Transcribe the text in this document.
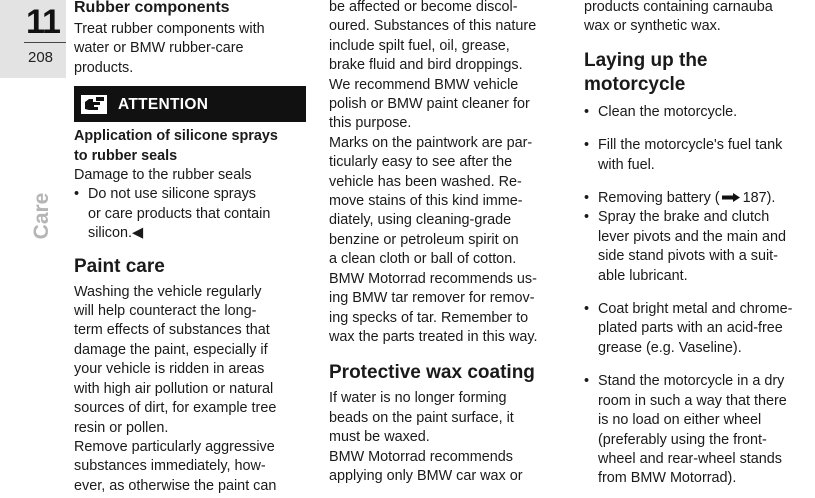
11
208
Care

Rubber components

Treat rubber components with

water or BMW rubber-care

products.

ATTENTION

Application of silicone sprays

to rubber seals

Damage to the rubber seals

• Do not use silicone sprays

or care products that contain

silicon.◀

Paint care

Washing the vehicle regularly

will help counteract the long-

term effects of substances that

damage the paint, especially if

your vehicle is ridden in areas

with high air pollution or natural

sources of dirt, for example tree

resin or pollen.

Remove particularly aggressive

substances immediately, how-

ever, as otherwise the paint can

be affected or become discol-

oured. Substances of this nature

include spilt fuel, oil, grease,

brake fluid and bird droppings.

We recommend BMW vehicle

polish or BMW paint cleaner for

this purpose.

Marks on the paintwork are par-

ticularly easy to see after the

vehicle has been washed. Re-

move stains of this kind imme-

diately, using cleaning-grade

benzine or petroleum spirit on

a clean cloth or ball of cotton.

BMW Motorrad recommends us-

ing BMW tar remover for remov-

ing specks of tar. Remember to

wax the parts treated in this way.

Protective wax coating

If water is no longer forming

beads on the paint surface, it

must be waxed.

BMW Motorrad recommends

applying only BMW car wax or

products containing carnauba

wax or synthetic wax.

Laying up the

motorcycle

• Clean the motorcycle.

• Fill the motorcycle's fuel tank

with fuel.

• Removing battery ( 187).

• Spray the brake and clutch

lever pivots and the main and

side stand pivots with a suit-

able lubricant.

• Coat bright metal and chrome-

plated parts with an acid-free

grease (e.g. Vaseline).

• Stand the motorcycle in a dry

room in such a way that there

is no load on either wheel

(preferably using the front-

wheel and rear-wheel stands

from BMW Motorrad).
